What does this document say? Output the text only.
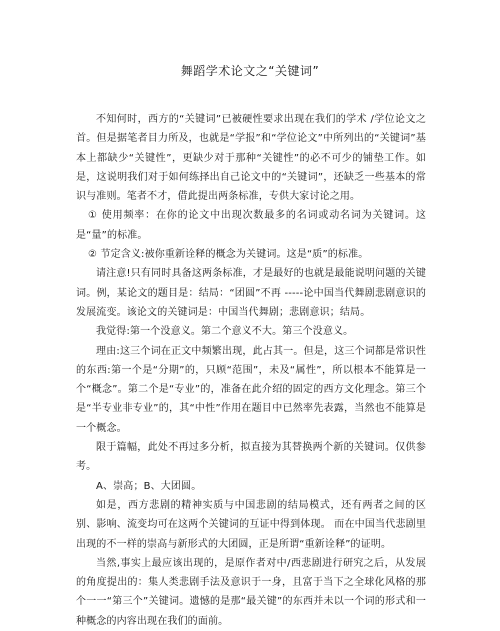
舞蹈学术论文之“关键词”

不知何时，西方的“关键词”已被硬性要求出现在我们的学术 /学位论文之首。但是据笔者目力所及，也就是“学报”和“学位论文”中所列出的“关键词”基本上都缺少“关键性”，更缺少对于那种“关键性”的必不可少的铺垫工作。如是，这说明我们对于如何练择出自己论文中的“关键词”，还缺乏一些基本的常识与准则。笔者不才，借此提出两条标准，专供大家讨论之用。

① 使用频率：在你的论文中出现次数最多的名词或动名词为关键词。这是“量”的标准。

② 节定含义:被你重新诠释的概念为关键词。这是“质”的标准。

请注意!只有同时具备这两条标准，才是最好的也就是最能说明问题的关键词。例，某论文的题目是：结局：“团圆”不再 -----论中国当代舞剧悲剧意识的发展流变。该论文的关键词是：中国当代舞剧；悲剧意识；结局。

我觉得:第一个没意义。第二个意义不大。第三个没意义。

理由:这三个词在正文中频繁出现，此占其一。但是，这三个词都是常识性的东西:第一个是“分期”的，只顾“范围”，未及“属性”，所以根本不能算是一个“概念”。第二个是“专业”的，准备在此介绍的固定的西方文化理念。第三个是“半专业非专业”的，其“中性”作用在题目中已然率先表露，当然也不能算是一个概念。

限于篇幅，此处不再过多分析，拟直接为其替换两个新的关键词。仅供参考。

A、崇高；B、大团圆。

如是，西方悲剧的精神实质与中国悲剧的结局模式，还有两者之间的区别、影响、流变均可在这两个关键词的互证中得到体现。 而在中国当代悲剧里出现的不一样的崇高与新形式的大团圆，正是所谓“重新诠释”的证明。

当然,事实上最应该出现的，是原作者对中/西悲剧进行研究之后，从发展的角度提出的：集人类悲剧手法及意识于一身，且富于当下之全球化风格的那个一一“第三个”关键词。遗憾的是那“最关键”的东西并未以一个词的形式和一种概念的内容出现在我们的面前。
